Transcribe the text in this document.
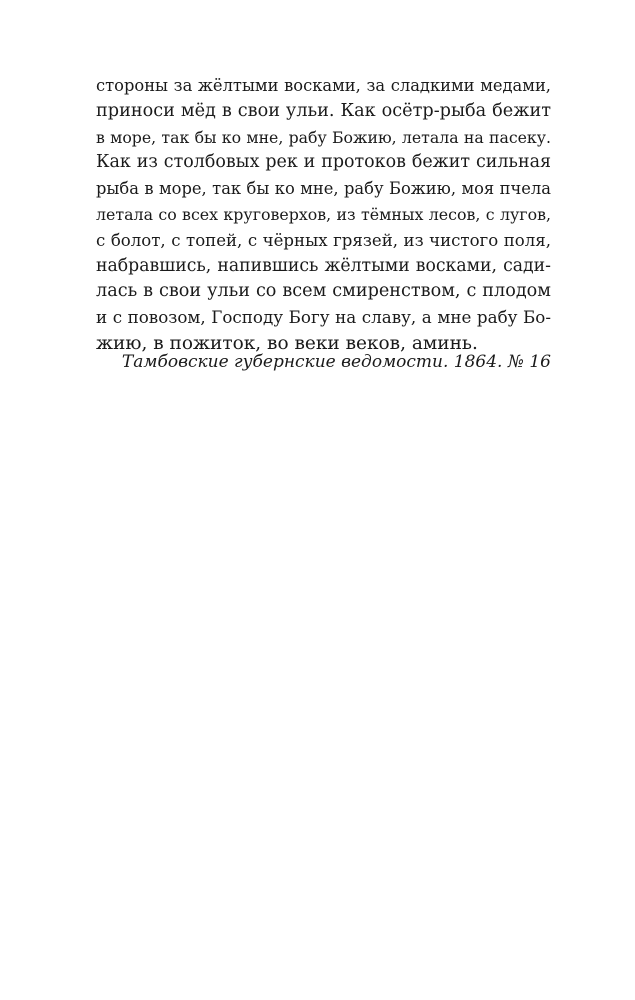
стороны за жёлтыми восками, за сладкими медами,
приноси мёд в свои ульи. Как осётр-рыба бежит
в море, так бы ко мне, рабу Божию, летала на пасеку.
Как из столбовых рек и протоков бежит сильная
рыба в море, так бы ко мне, рабу Божию, моя пчела
летала со всех круговерхов, из тёмных лесов, с лугов,
с болот, с топей, с чёрных грязей, из чистого поля,
набравшись, напившись жёлтыми восками, сади-
лась в свои ульи со всем смиренством, с плодом
и с повозом, Господу Богу на славу, а мне рабу Бо-
жию, в пожиток, во веки веков, аминь.
Тамбовские губернские ведомости. 1864. № 16
